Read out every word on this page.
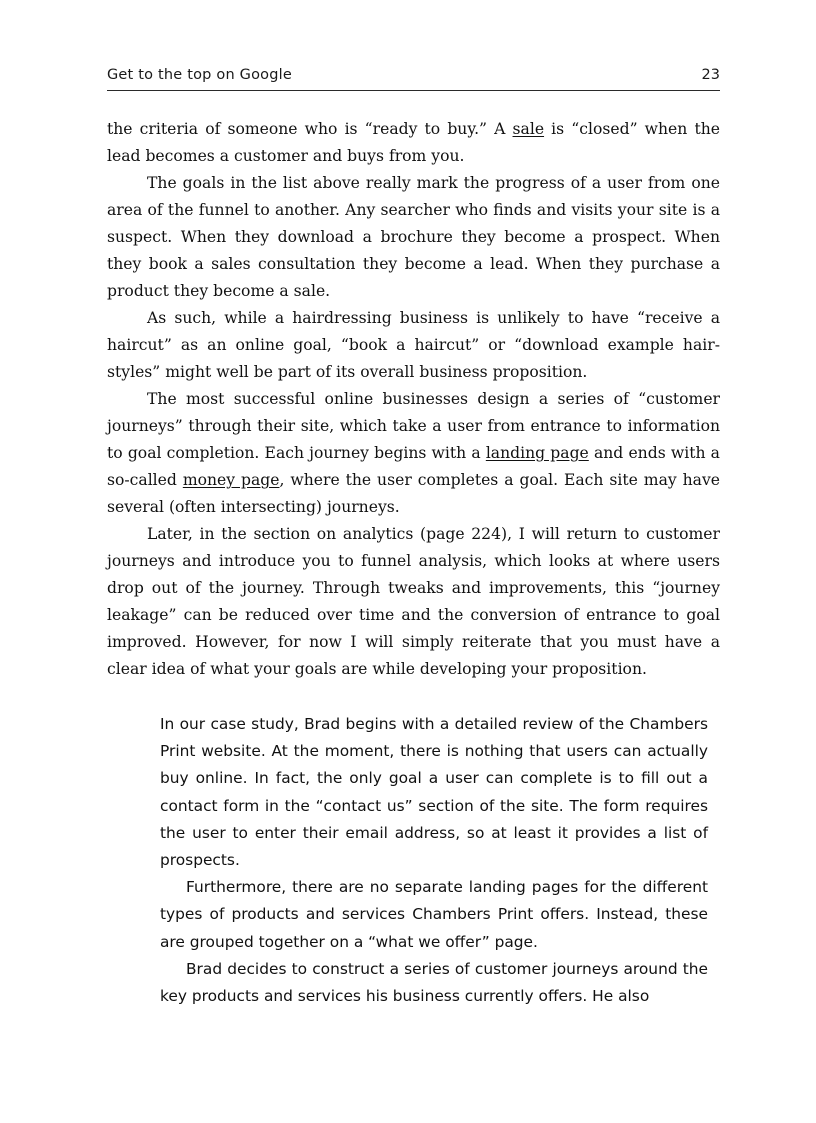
Get to the top on Google	23

the criteria of someone who is “ready to buy.” A sale is “closed” when the lead becomes a customer and buys from you.

The goals in the list above really mark the progress of a user from one area of the funnel to another. Any searcher who finds and visits your site is a suspect. When they download a brochure they become a prospect. When they book a sales consultation they become a lead. When they purchase a product they become a sale.

As such, while a hairdressing business is unlikely to have “receive a haircut” as an online goal, “book a haircut” or “download example hairstyles” might well be part of its overall business proposition.

The most successful online businesses design a series of “customer journeys” through their site, which take a user from entrance to information to goal completion. Each journey begins with a landing page and ends with a so-called money page, where the user completes a goal. Each site may have several (often intersecting) journeys.

Later, in the section on analytics (page 224), I will return to customer journeys and introduce you to funnel analysis, which looks at where users drop out of the journey. Through tweaks and improvements, this “journey leakage” can be reduced over time and the conversion of entrance to goal improved. However, for now I will simply reiterate that you must have a clear idea of what your goals are while developing your proposition.

In our case study, Brad begins with a detailed review of the Chambers Print website. At the moment, there is nothing that users can actually buy online. In fact, the only goal a user can complete is to fill out a contact form in the “contact us” section of the site. The form requires the user to enter their email address, so at least it provides a list of prospects.

Furthermore, there are no separate landing pages for the different types of products and services Chambers Print offers. Instead, these are grouped together on a “what we offer” page.

Brad decides to construct a series of customer journeys around the key products and services his business currently offers. He also
